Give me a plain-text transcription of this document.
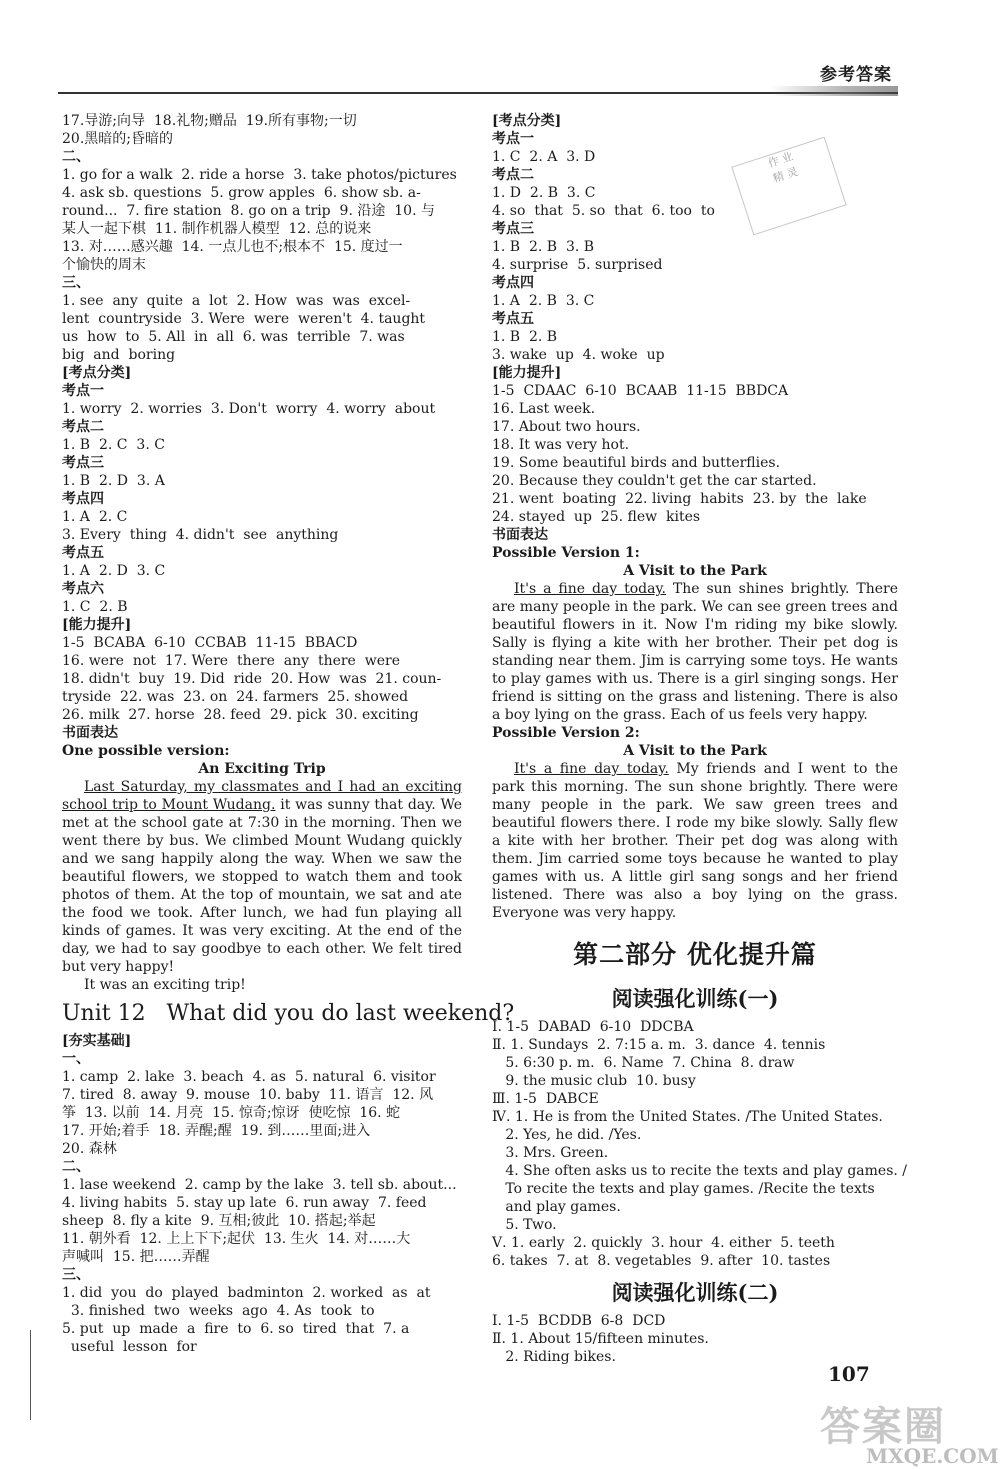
参考答案
作 业
精 灵
17.导游;向导  18.礼物;赠品  19.所有事物;一切
20.黑暗的;昏暗的
二、
1. go for a walk  2. ride a horse  3. take photos/pictures
4. ask sb. questions  5. grow apples  6. show sb. a-
round...  7. fire station  8. go on a trip  9. 沿途  10. 与
某人一起下棋  11. 制作机器人模型  12. 总的说来
13. 对……感兴趣  14. 一点儿也不;根本不  15. 度过一
个愉快的周末
三、
1. see  any  quite  a  lot  2. How  was  was  excel-
lent  countryside  3. Were  were  weren't  4. taught
us  how  to  5. All  in  all  6. was  terrible  7. was
big  and  boring
[考点分类]
考点一
1. worry  2. worries  3. Don't  worry  4. worry  about
考点二
1. B  2. C  3. C
考点三
1. B  2. D  3. A
考点四
1. A  2. C
3. Every  thing  4. didn't  see  anything
考点五
1. A  2. D  3. C
考点六
1. C  2. B
[能力提升]
1-5  BCABA  6-10  CCBAB  11-15  BBACD
16. were  not  17. Were  there  any  there  were
18. didn't  buy  19. Did  ride  20. How  was  21. coun-
tryside  22. was  23. on  24. farmers  25. showed
26. milk  27. horse  28. feed  29. pick  30. exciting
书面表达
One possible version:
An Exciting Trip

Last Saturday, my classmates and I had an exciting school trip to Mount Wudang. it was sunny that day. We met at the school gate at 7:30 in the morning. Then we went there by bus. We climbed Mount Wudang quickly and we sang happily along the way. When we saw the beautiful flowers, we stopped to watch them and took photos of them. At the top of mountain, we sat and ate the food we took. After lunch, we had fun playing all kinds of games. It was very exciting. At the end of the day, we had to say goodbye to each other. We felt tired but very happy!

It was an exciting trip!

Unit 12   What did you do last weekend?
[夯实基础]
一、
1. camp  2. lake  3. beach  4. as  5. natural  6. visitor
7. tired  8. away  9. mouse  10. baby  11. 语言  12. 风
筝  13. 以前  14. 月亮  15. 惊奇;惊讶  使吃惊  16. 蛇
17. 开始;着手  18. 弄醒;醒  19. 到……里面;进入
20. 森林
二、
1. lase weekend  2. camp by the lake  3. tell sb. about...
4. living habits  5. stay up late  6. run away  7. feed
sheep  8. fly a kite  9. 互相;彼此  10. 搭起;举起
11. 朝外看  12. 上上下下;起伏  13. 生火  14. 对……大
声喊叫  15. 把……弄醒
三、
1. did  you  do  played  badminton  2. worked  as  at
3. finished  two  weeks  ago  4. As  took  to
5. put  up  made  a  fire  to  6. so  tired  that  7. a
useful  lesson  for
[考点分类]
考点一
1. C  2. A  3. D
考点二
1. D  2. B  3. C
4. so  that  5. so  that  6. too  to
考点三
1. B  2. B  3. B
4. surprise  5. surprised
考点四
1. A  2. B  3. C
考点五
1. B  2. B
3. wake  up  4. woke  up
[能力提升]
1-5  CDAAC  6-10  BCAAB  11-15  BBDCA
16. Last week.
17. About two hours.
18. It was very hot.
19. Some beautiful birds and butterflies.
20. Because they couldn't get the car started.
21. went  boating  22. living  habits  23. by  the  lake
24. stayed  up  25. flew  kites
书面表达
Possible Version 1:
A Visit to the Park

It's a fine day today. The sun shines brightly. There are many people in the park. We can see green trees and beautiful flowers in it. Now I'm riding my bike slowly. Sally is flying a kite with her brother. Their pet dog is standing near them. Jim is carrying some toys. He wants to play games with us. There is a girl singing songs. Her friend is sitting on the grass and listening. There is also a boy lying on the grass. Each of us feels very happy.

Possible Version 2:
A Visit to the Park

It's a fine day today. My friends and I went to the park this morning. The sun shone brightly. There were many people in the park. We saw green trees and beautiful flowers there. I rode my bike slowly. Sally flew a kite with her brother. Their pet dog was along with them. Jim carried some toys because he wanted to play games with us. A little girl sang songs and her friend listened. There was also a boy lying on the grass. Everyone was very happy.

第二部分 优化提升篇
阅读强化训练(一)
Ⅰ. 1-5  DABAD  6-10  DDCBA
Ⅱ. 1. Sundays  2. 7:15 a. m.  3. dance  4. tennis
5. 6:30 p. m.  6. Name  7. China  8. draw
9. the music club  10. busy
Ⅲ. 1-5  DABCE
Ⅳ. 1. He is from the United States. /The United States.
2. Yes, he did. /Yes.
3. Mrs. Green.
4. She often asks us to recite the texts and play games. /
To recite the texts and play games. /Recite the texts
and play games.
5. Two.
Ⅴ. 1. early  2. quickly  3. hour  4. either  5. teeth
6. takes  7. at  8. vegetables  9. after  10. tastes
阅读强化训练(二)
Ⅰ. 1-5  BCDDB  6-8  DCD
Ⅱ. 1. About 15/fifteen minutes.
2. Riding bikes.
107
答案圈
MXQE.COM
